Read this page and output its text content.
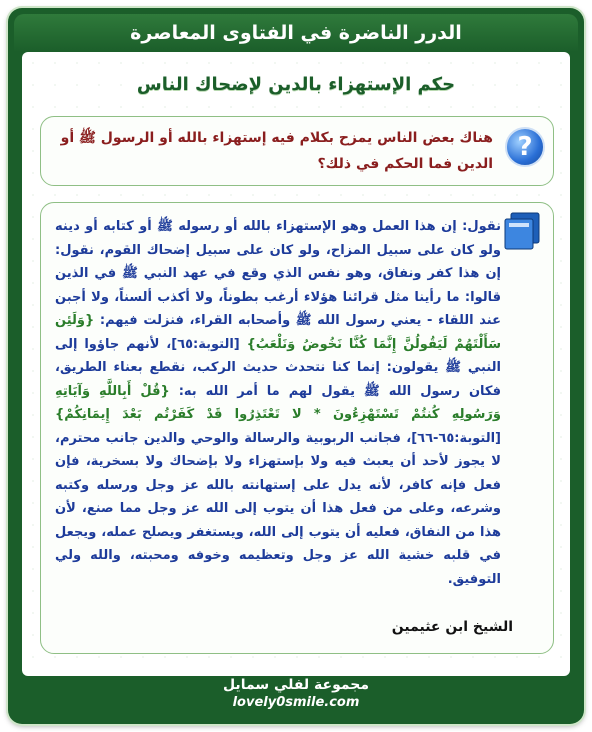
الدرر الناضرة في الفتاوى المعاصرة
حكم الإستهزاء بالدين لإضحاك الناس
?
هناك بعض الناس يمزح بكلام فيه إستهزاء بالله أو الرسول ﷺ أو الدين فما الحكم في ذلك؟
نقول: إن هذا العمل وهو الإستهزاء بالله أو رسوله ﷺ أو كتابه أو دينه ولو كان على سبيل المزاح، ولو كان على سبيل إضحاك القوم، نقول: إن هذا كفر ونفاق، وهو نفس الذي وقع في عهد النبي ﷺ في الذين قالوا: ما رأينا مثل قرائنا هؤلاء أرغب بطوناً، ولا أكذب ألسناً، ولا أجبن عند اللقاء - يعني رسول الله ﷺ وأصحابه القراء، فنزلت فيهم: {وَلَئِن سَأَلْتَهُمْ لَيَقُولُنَّ إِنَّمَا كُنَّا نَخُوضُ وَنَلْعَبُ} [التوبة:٦٥]، لأنهم جاؤوا إلى النبي ﷺ يقولون: إنما كنا نتحدث حديث الركب، نقطع بعناء الطريق، فكان رسول الله ﷺ يقول لهم ما أمر الله به: {قُلْ أَبِاللَّهِ وَآيَاتِهِ وَرَسُولِهِ كُنتُمْ تَسْتَهْزِءُونَ * لا تَعْتَذِرُوا قَدْ كَفَرْتُم بَعْدَ إِيمَانِكُمْ} [التوبة:٦٥-٦٦]، فجانب الربوبية والرسالة والوحي والدين جانب محترم، لا يجوز لأحد أن يعبث فيه ولا بإستهزاء ولا بإضحاك ولا بسخرية، فإن فعل فإنه كافر، لأنه يدل على إستهانته بالله عز وجل ورسله وكتبه وشرعه، وعلى من فعل هذا أن يتوب إلى الله عز وجل مما صنع، لأن هذا من النفاق، فعليه أن يتوب إلى الله، ويستغفر ويصلح عمله، ويجعل في قلبه خشية الله عز وجل وتعظيمه وخوفه ومحبته، والله ولي التوفيق.
الشيخ ابن عثيمين
مجموعة لفلي سمايل
lovely0smile.com
